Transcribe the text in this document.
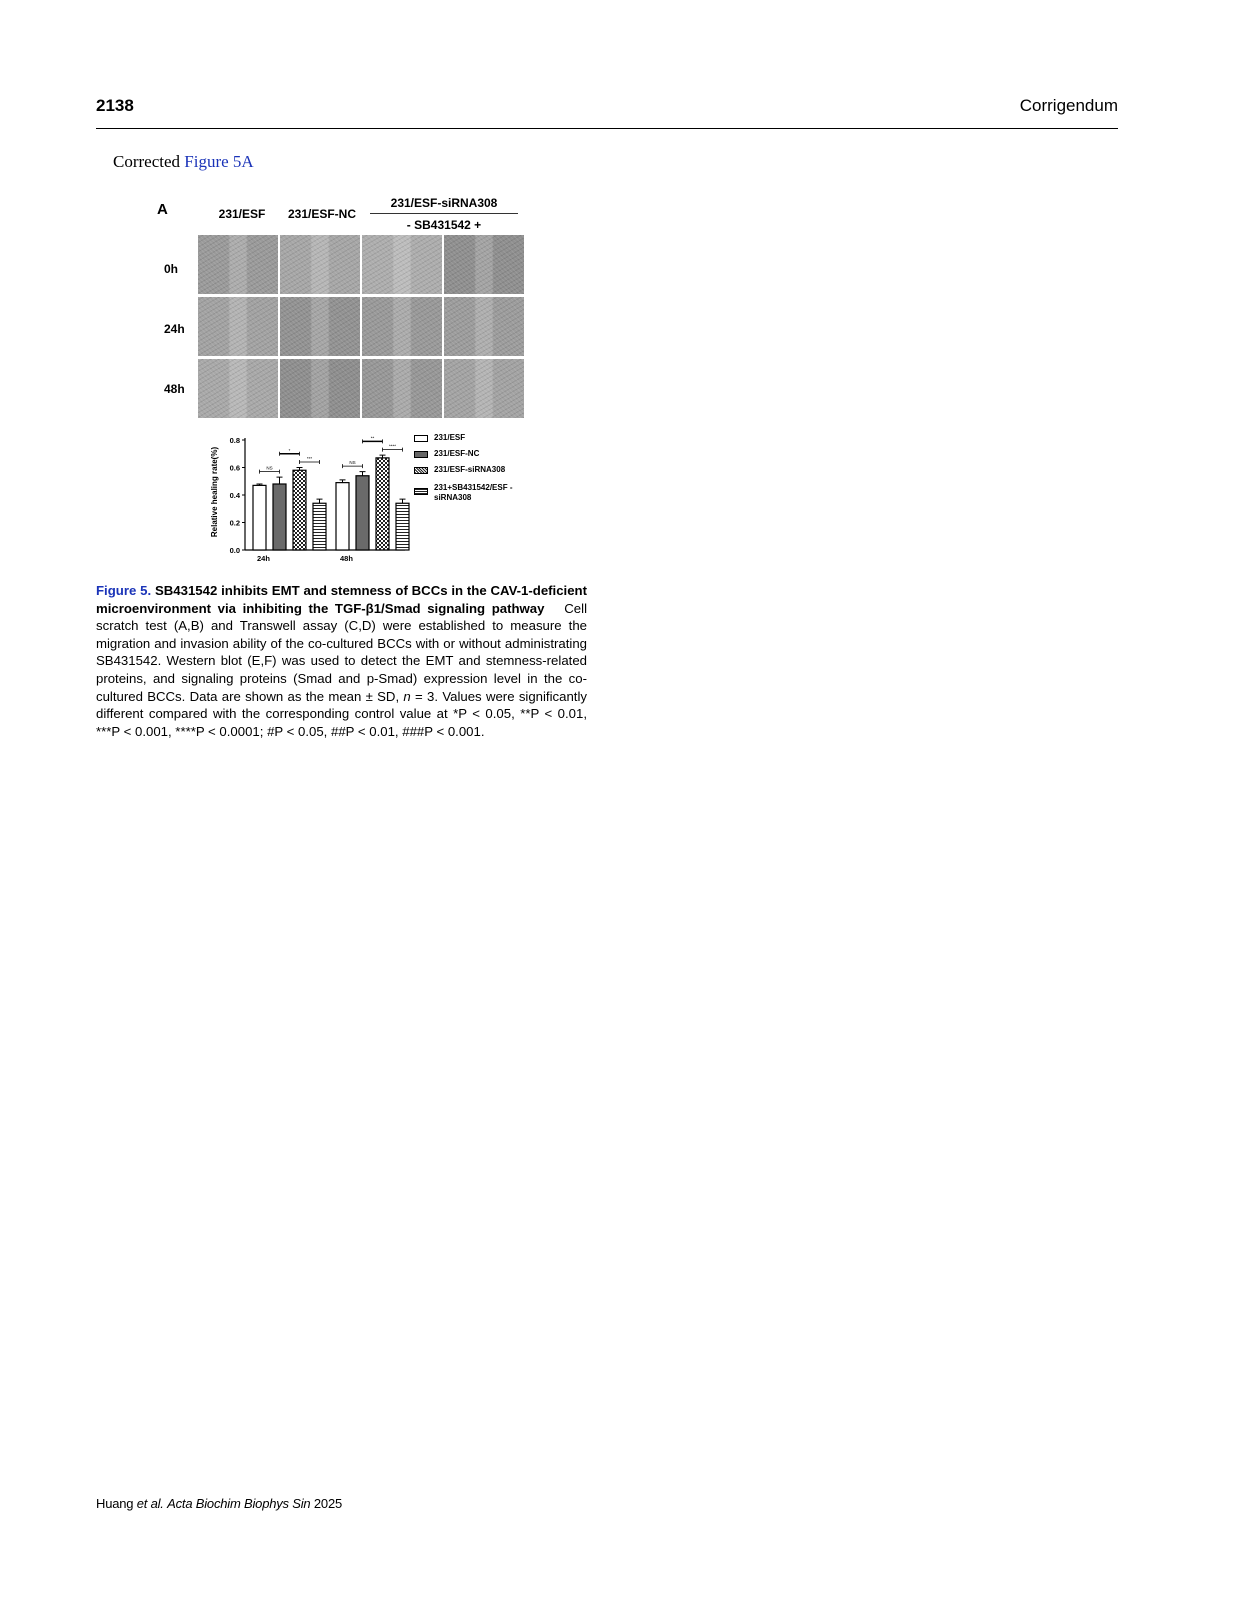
2138	Corrigendum
Corrected Figure 5A
A	231/ESF	231/ESF-NC
231/ESF-siRNA308
- SB431542 +
0h
24h
48h
Relative healing rate(%)
0.0
0.2
0.4
0.6
0.8
24h	48h
NS
*
***
NS
**
****
231/ESF
231/ESF-NC
231/ESF-siRNA308
231+SB431542/ESF -siRNA308
Figure 5. SB431542 inhibits EMT and stemness of BCCs in the CAV-1-deficient microenvironment via inhibiting the TGF-β1/Smad signaling pathway Cell scratch test (A,B) and Transwell assay (C,D) were established to measure the migration and invasion ability of the co-cultured BCCs with or without administrating SB431542. Western blot (E,F) was used to detect the EMT and stemness-related proteins, and signaling proteins (Smad and p-Smad) expression level in the co-cultured BCCs. Data are shown as the mean ± SD, n = 3. Values were significantly different compared with the corresponding control value at *P < 0.05, **P < 0.01, ***P < 0.001, ****P < 0.0001; #P < 0.05, ##P < 0.01, ###P < 0.001.
Huang et al. Acta Biochim Biophys Sin 2025
